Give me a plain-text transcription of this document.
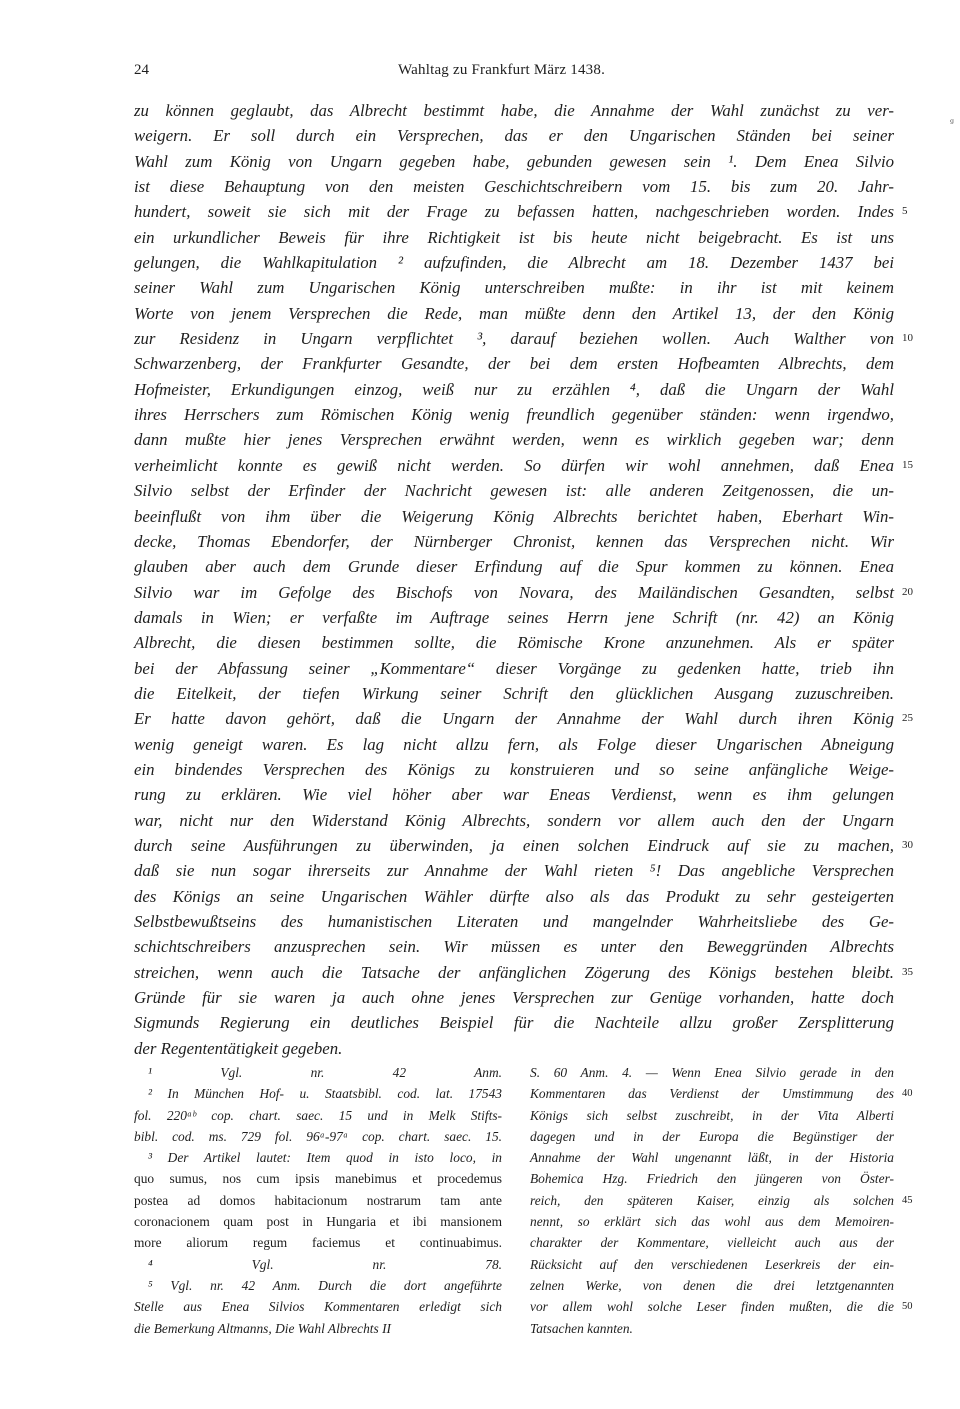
24	Wahltag zu Frankfurt März 1438.
zu können geglaubt, das Albrecht bestimmt habe, die Annahme der Wahl zunächst zu ver-
weigern. Er soll durch ein Versprechen, das er den Ungarischen Ständen bei seiner
Wahl zum König von Ungarn gegeben habe, gebunden gewesen sein ¹. Dem Enea Silvio
ist diese Behauptung von den meisten Geschichtschreibern vom 15. bis zum 20. Jahr-
hundert, soweit sie sich mit der Frage zu befassen hatten, nachgeschrieben worden. Indes 5
ein urkundlicher Beweis für ihre Richtigkeit ist bis heute nicht beigebracht. Es ist uns
gelungen, die Wahlkapitulation ² aufzufinden, die Albrecht am 18. Dezember 1437 bei
seiner Wahl zum Ungarischen König unterschreiben mußte: in ihr ist mit keinem
Worte von jenem Versprechen die Rede, man müßte denn den Artikel 13, der den König
zur Residenz in Ungarn verpflichtet ³, darauf beziehen wollen. Auch Walther von 10
Schwarzenberg, der Frankfurter Gesandte, der bei dem ersten Hofbeamten Albrechts, dem
Hofmeister, Erkundigungen einzog, weiß nur zu erzählen ⁴, daß die Ungarn der Wahl
ihres Herrschers zum Römischen König wenig freundlich gegenüber ständen: wenn irgendwo,
dann mußte hier jenes Versprechen erwähnt werden, wenn es wirklich gegeben war; denn
verheimlicht konnte es gewiß nicht werden. So dürfen wir wohl annehmen, daß Enea 15
Silvio selbst der Erfinder der Nachricht gewesen ist: alle anderen Zeitgenossen, die un-
beeinflußt von ihm über die Weigerung König Albrechts berichtet haben, Eberhart Win-
decke, Thomas Ebendorfer, der Nürnberger Chronist, kennen das Versprechen nicht. Wir
glauben aber auch dem Grunde dieser Erfindung auf die Spur kommen zu können. Enea
Silvio war im Gefolge des Bischofs von Novara, des Mailändischen Gesandten, selbst 20
damals in Wien; er verfaßte im Auftrage seines Herrn jene Schrift (nr. 42) an König
Albrecht, die diesen bestimmen sollte, die Römische Krone anzunehmen. Als er später
bei der Abfassung seiner „Kommentare“ dieser Vorgänge zu gedenken hatte, trieb ihn
die Eitelkeit, der tiefen Wirkung seiner Schrift den glücklichen Ausgang zuzuschreiben.
Er hatte davon gehört, daß die Ungarn der Annahme der Wahl durch ihren König 25
wenig geneigt waren. Es lag nicht allzu fern, als Folge dieser Ungarischen Abneigung
ein bindendes Versprechen des Königs zu konstruieren und so seine anfängliche Weige-
rung zu erklären. Wie viel höher aber war Eneas Verdienst, wenn es ihm gelungen
war, nicht nur den Widerstand König Albrechts, sondern vor allem auch den der Ungarn
durch seine Ausführungen zu überwinden, ja einen solchen Eindruck auf sie zu machen, 30
daß sie nun sogar ihrerseits zur Annahme der Wahl rieten ⁵! Das angebliche Versprechen
des Königs an seine Ungarischen Wähler dürfte also als das Produkt zu sehr gesteigerten
Selbstbewußtseins des humanistischen Literaten und mangelnder Wahrheitsliebe des Ge-
schichtschreibers anzusprechen sein. Wir müssen es unter den Beweggründen Albrechts
streichen, wenn auch die Tatsache der anfänglichen Zögerung des Königs bestehen bleibt. 35
Gründe für sie waren ja auch ohne jenes Versprechen zur Genüge vorhanden, hatte doch
Sigmunds Regierung ein deutliches Beispiel für die Nachteile allzu großer Zersplitterung
der Regententätigkeit gegeben.
¹ Vgl. nr. 42 Anm.
² In München Hof- u. Staatsbibl. cod. lat. 17543
fol. 220ᵃᵇ cop. chart. saec. 15 und in Melk Stifts-
bibl. cod. ms. 729 fol. 96ᵃ-97ᵃ cop. chart. saec. 15.
³ Der Artikel lautet: Item quod in isto loco, in
quo sumus, nos cum ipsis manebimus et procedemus
postea ad domos habitacionum nostrarum tam ante
coronacionem quam post in Hungaria et ibi mansionem
more aliorum regum faciemus et continuabimus.
⁴ Vgl. nr. 78.
⁵ Vgl. nr. 42 Anm. Durch die dort angeführte
Stelle aus Enea Silvios Kommentaren erledigt sich
die Bemerkung Altmanns, Die Wahl Albrechts II
S. 60 Anm. 4. — Wenn Enea Silvio gerade in den
Kommentaren das Verdienst der Umstimmung des 40
Königs sich selbst zuschreibt, in der Vita Alberti
dagegen und in der Europa die Begünstiger der
Annahme der Wahl ungenannt läßt, in der Historia
Bohemica Hzg. Friedrich den jüngeren von Öster-
reich, den späteren Kaiser, einzig als solchen 45
nennt, so erklärt sich das wohl aus dem Memoiren-
charakter der Kommentare, vielleicht auch aus der
Rücksicht auf den verschiedenen Leserkreis der ein-
zelnen Werke, von denen die drei letztgenannten
vor allem wohl solche Leser finden mußten, die die 50
Tatsachen kannten.
ᵍ
